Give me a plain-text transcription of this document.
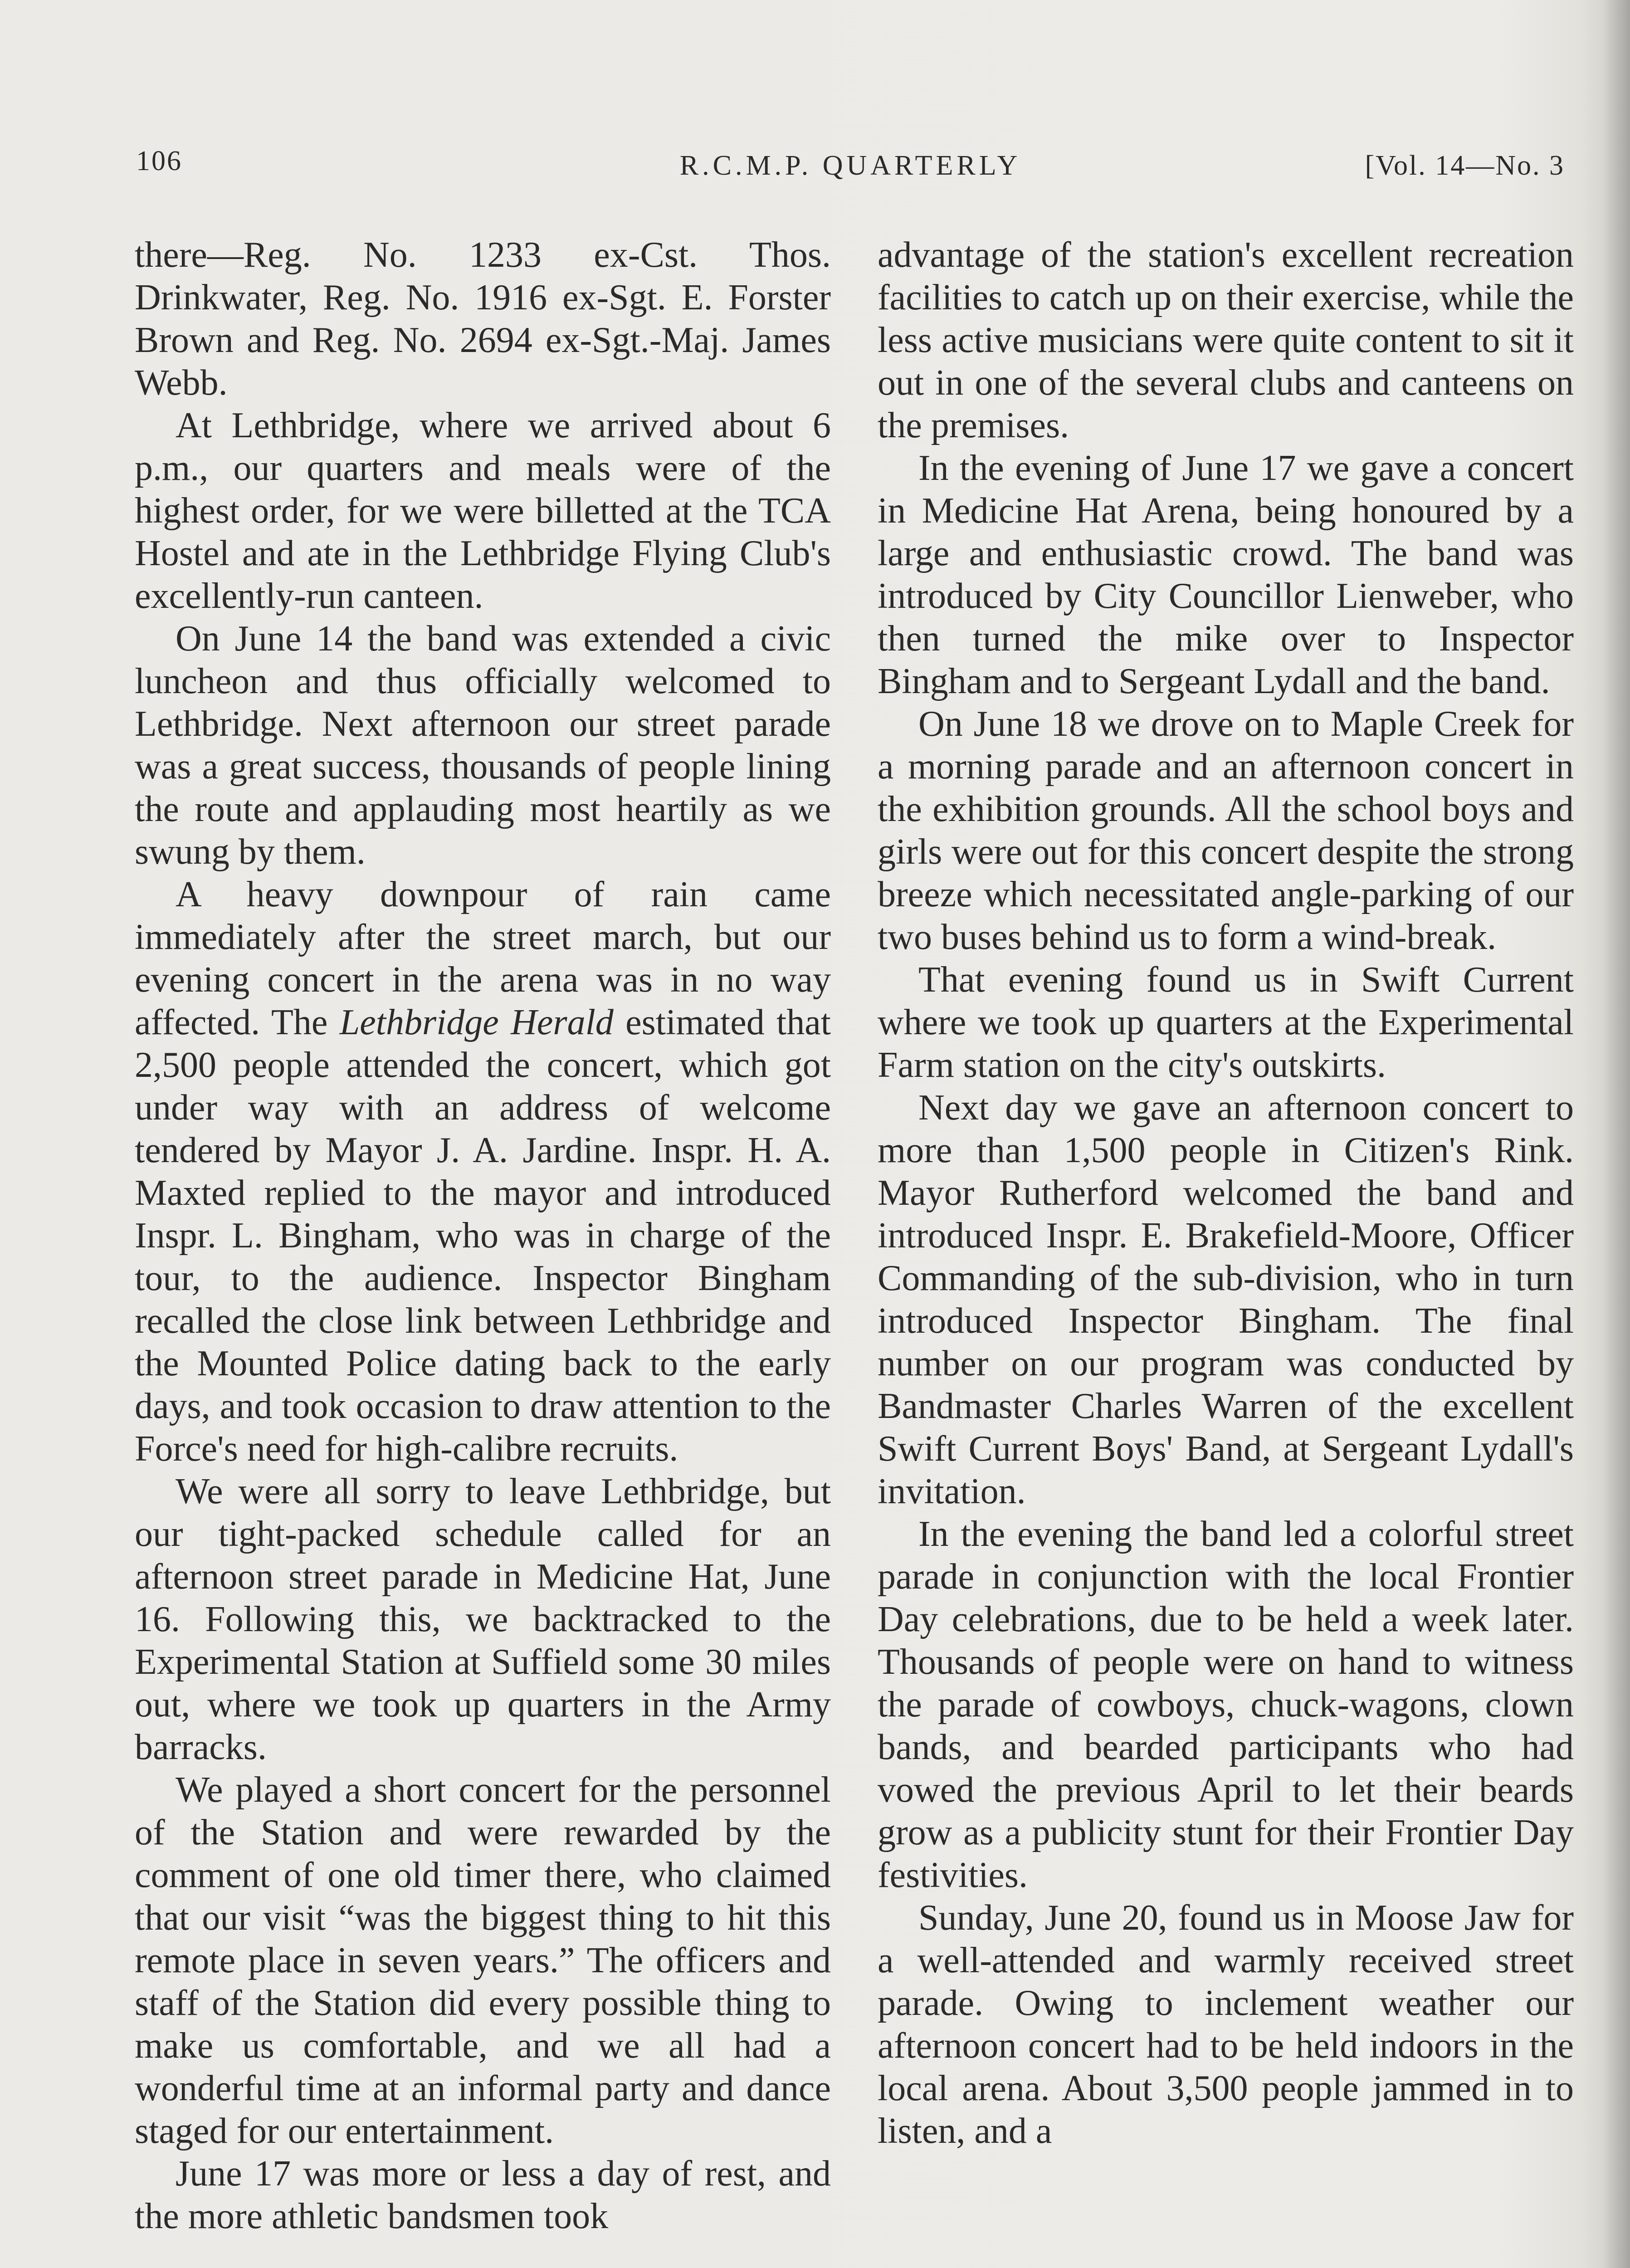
106	R.C.M.P. QUARTERLY	[Vol. 14—No. 3

there—Reg. No. 1233 ex-Cst. Thos. Drinkwater, Reg. No. 1916 ex-Sgt. E. Forster Brown and Reg. No. 2694 ex-Sgt.-Maj. James Webb.

At Lethbridge, where we arrived about 6 p.m., our quarters and meals were of the highest order, for we were billetted at the TCA Hostel and ate in the Lethbridge Flying Club's excellently-run canteen.

On June 14 the band was extended a civic luncheon and thus officially welcomed to Lethbridge. Next afternoon our street parade was a great success, thousands of people lining the route and applauding most heartily as we swung by them.

A heavy downpour of rain came immediately after the street march, but our evening concert in the arena was in no way affected. The Lethbridge Herald estimated that 2,500 people attended the concert, which got under way with an address of welcome tendered by Mayor J. A. Jardine. Inspr. H. A. Maxted replied to the mayor and introduced Inspr. L. Bingham, who was in charge of the tour, to the audience. Inspector Bingham recalled the close link between Lethbridge and the Mounted Police dating back to the early days, and took occasion to draw attention to the Force's need for high-calibre recruits.

We were all sorry to leave Lethbridge, but our tight-packed schedule called for an afternoon street parade in Medicine Hat, June 16. Following this, we backtracked to the Experimental Station at Suffield some 30 miles out, where we took up quarters in the Army barracks.

We played a short concert for the personnel of the Station and were rewarded by the comment of one old timer there, who claimed that our visit “was the biggest thing to hit this remote place in seven years.” The officers and staff of the Station did every possible thing to make us comfortable, and we all had a wonderful time at an informal party and dance staged for our entertainment.

June 17 was more or less a day of rest, and the more athletic bandsmen took

advantage of the station's excellent recreation facilities to catch up on their exercise, while the less active musicians were quite content to sit it out in one of the several clubs and canteens on the premises.

In the evening of June 17 we gave a concert in Medicine Hat Arena, being honoured by a large and enthusiastic crowd. The band was introduced by City Councillor Lienweber, who then turned the mike over to Inspector Bingham and to Sergeant Lydall and the band.

On June 18 we drove on to Maple Creek for a morning parade and an afternoon concert in the exhibition grounds. All the school boys and girls were out for this concert despite the strong breeze which necessitated angle-parking of our two buses behind us to form a wind-break.

That evening found us in Swift Current where we took up quarters at the Experimental Farm station on the city's outskirts.

Next day we gave an afternoon concert to more than 1,500 people in Citizen's Rink. Mayor Rutherford welcomed the band and introduced Inspr. E. Brakefield-Moore, Officer Commanding of the sub-division, who in turn introduced Inspector Bingham. The final number on our program was conducted by Bandmaster Charles Warren of the excellent Swift Current Boys' Band, at Sergeant Lydall's invitation.

In the evening the band led a colorful street parade in conjunction with the local Frontier Day celebrations, due to be held a week later. Thousands of people were on hand to witness the parade of cowboys, chuck-wagons, clown bands, and bearded participants who had vowed the previous April to let their beards grow as a publicity stunt for their Frontier Day festivities.

Sunday, June 20, found us in Moose Jaw for a well-attended and warmly received street parade. Owing to inclement weather our afternoon concert had to be held indoors in the local arena. About 3,500 people jammed in to listen, and a
